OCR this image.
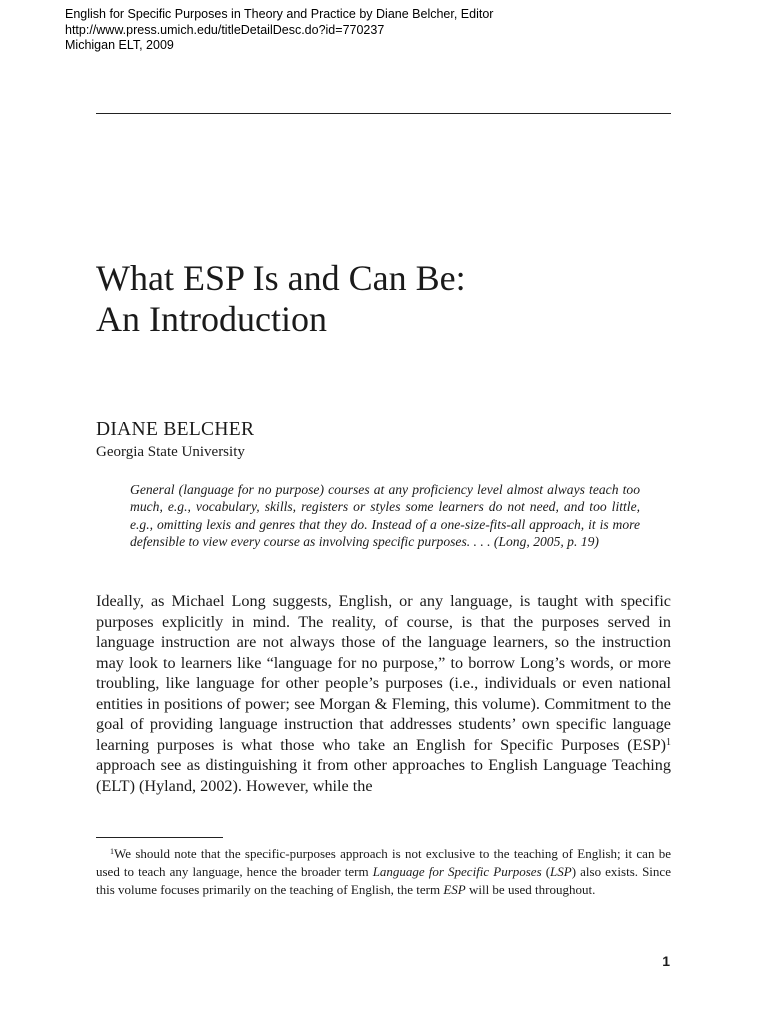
English for Specific Purposes in Theory and Practice by Diane Belcher, Editor
http://www.press.umich.edu/titleDetailDesc.do?id=770237
Michigan ELT, 2009
What ESP Is and Can Be:
An Introduction
DIANE BELCHER
Georgia State University
General (language for no purpose) courses at any proficiency level almost always teach too much, e.g., vocabulary, skills, registers or styles some learners do not need, and too little, e.g., omitting lexis and genres that they do. Instead of a one-size-fits-all approach, it is more defensible to view every course as involving specific purposes. . . . (Long, 2005, p. 19)

Ideally, as Michael Long suggests, English, or any language, is taught with specific purposes explicitly in mind. The reality, of course, is that the purposes served in language instruction are not always those of the language learners, so the instruction may look to learners like “language for no purpose,” to borrow Long’s words, or more troubling, like language for other people’s purposes (i.e., individuals or even national entities in positions of power; see Morgan & Fleming, this volume). Commitment to the goal of providing language instruction that addresses students’ own specific language learning purposes is what those who take an English for Specific Purposes (ESP)$^1$ approach see as distinguishing it from other approaches to English Language Teaching (ELT) (Hyland, 2002). However, while the

$^1$We should note that the specific-purposes approach is not exclusive to the teaching of English; it can be used to teach any language, hence the broader term Language for Specific Purposes (LSP) also exists. Since this volume focuses primarily on the teaching of English, the term ESP will be used throughout.
1
